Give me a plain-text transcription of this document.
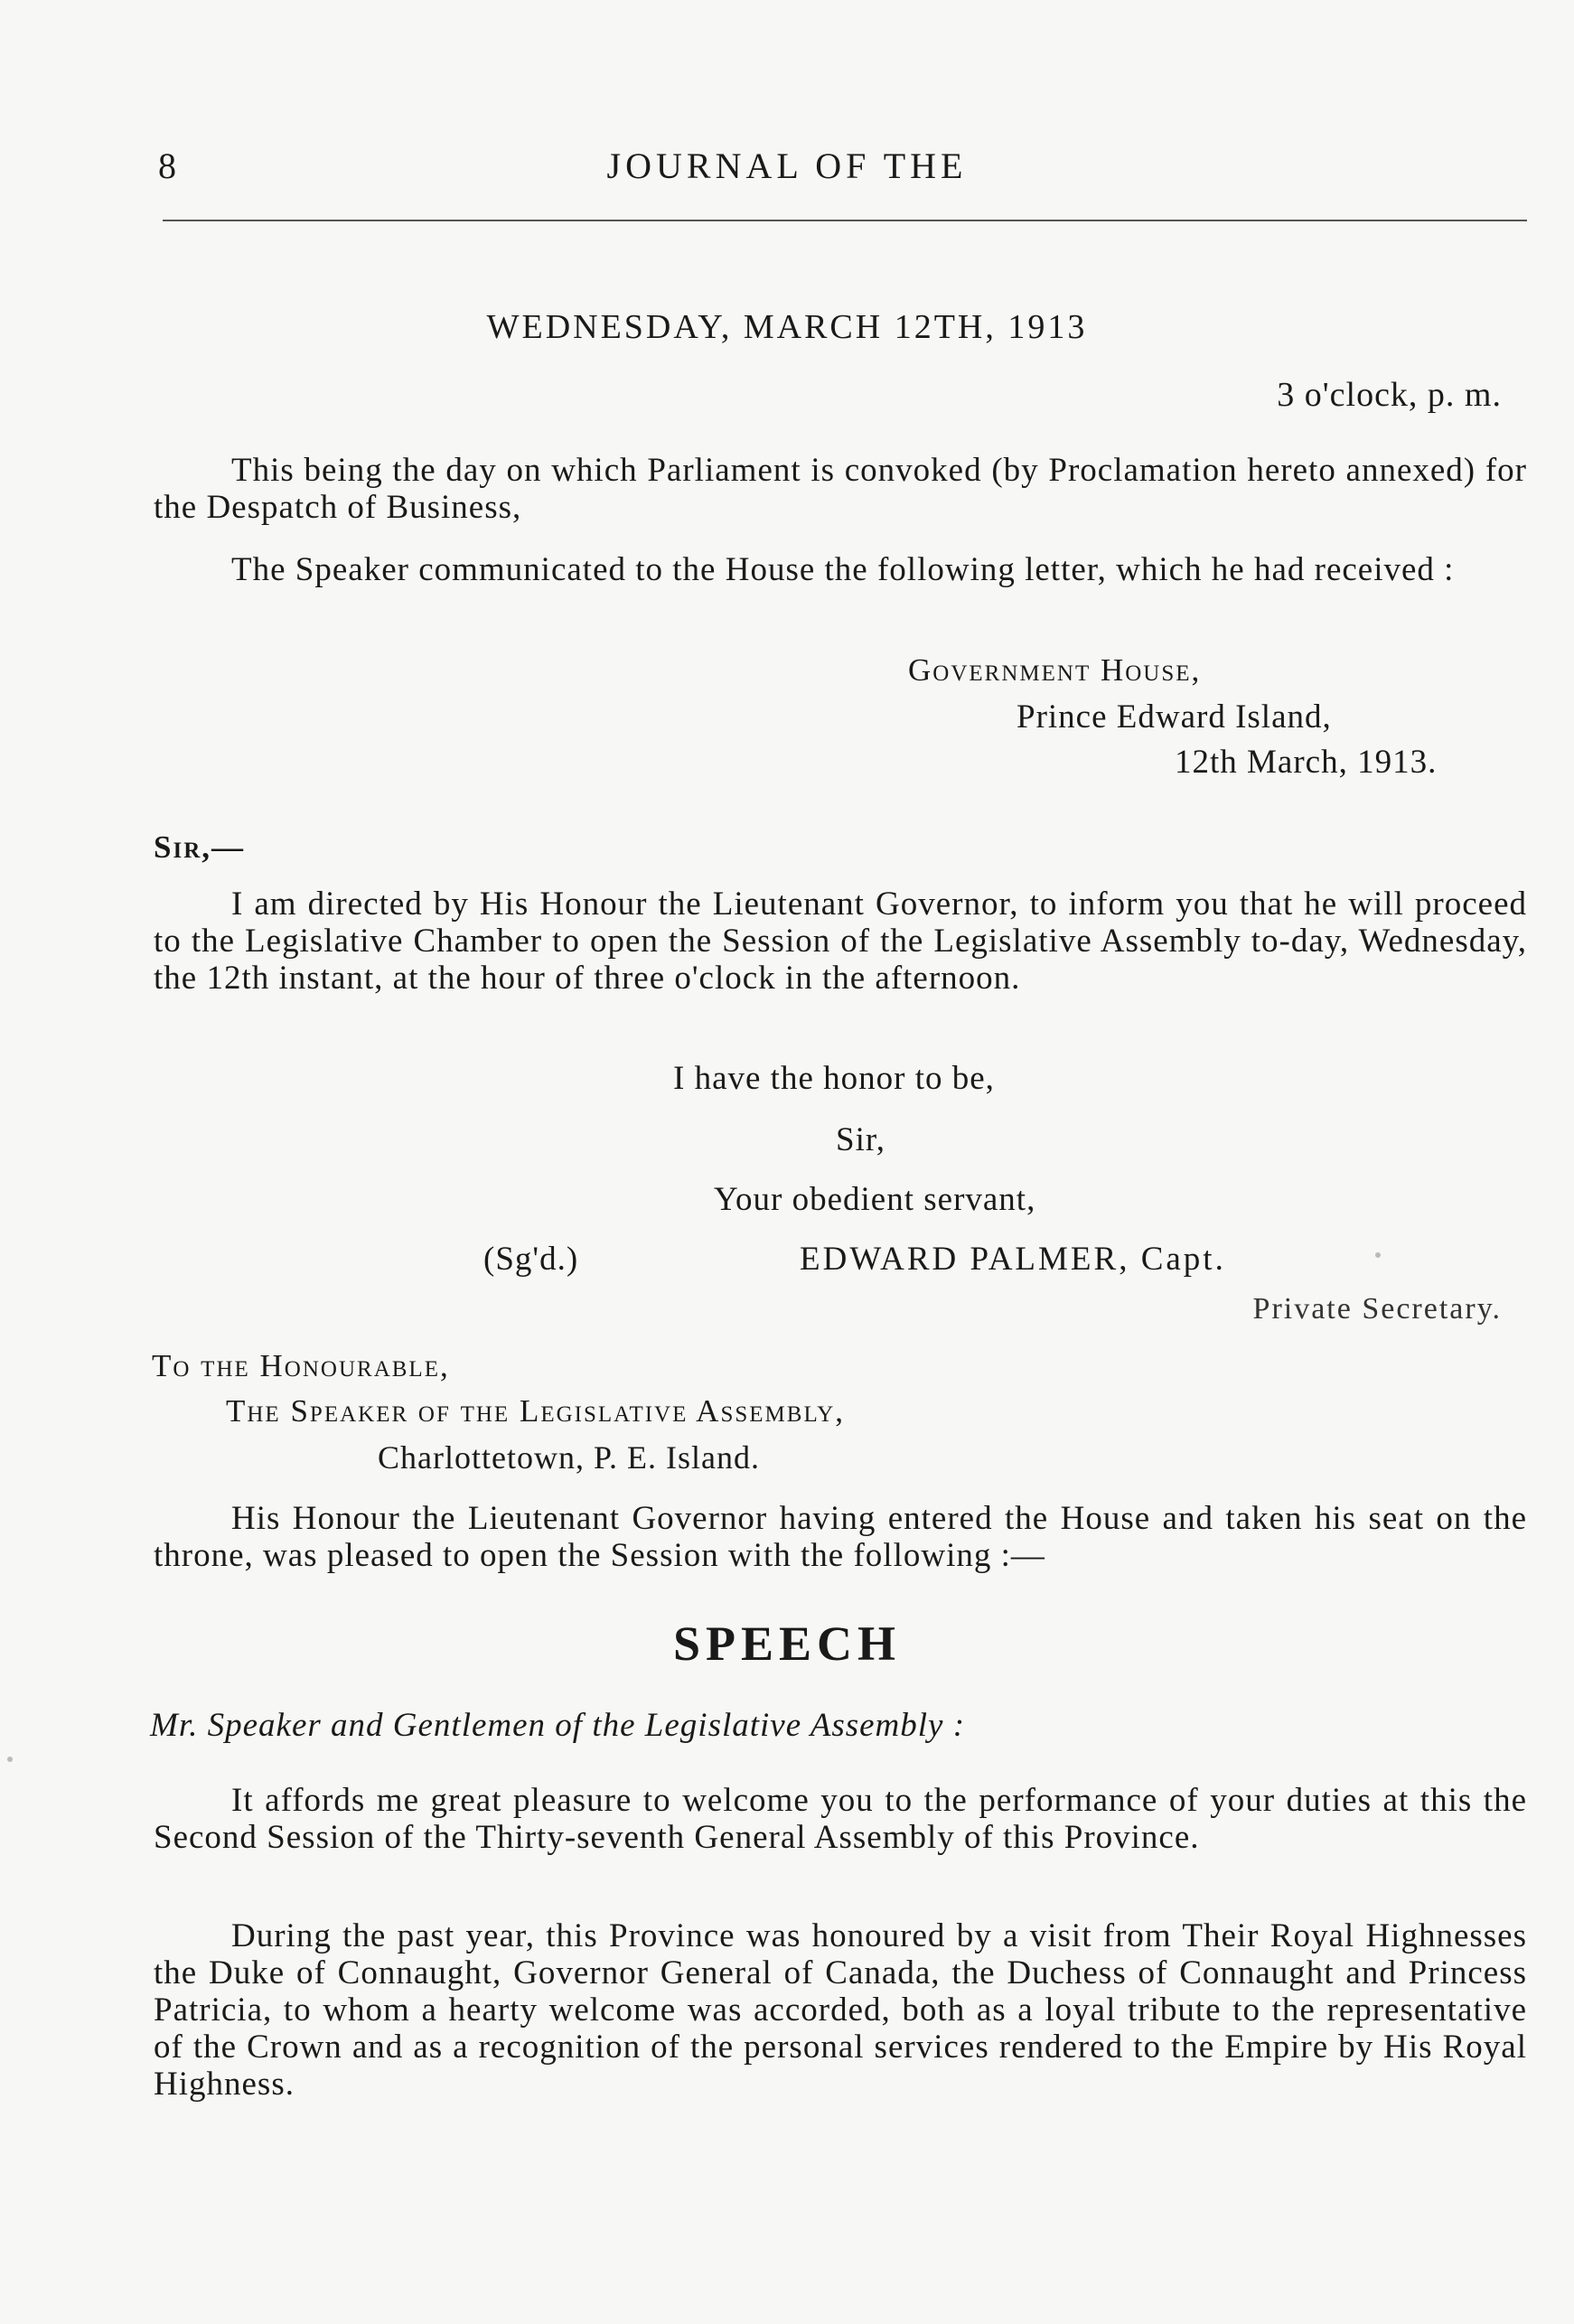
8	JOURNAL OF THE
WEDNESDAY, MARCH 12TH, 1913
3 o'clock, p. m.
This being the day on which Parliament is convoked (by Proclamation hereto annexed) for the Despatch of Business,
The Speaker communicated to the House the following letter, which he had received :
Government House,
Prince Edward Island,
12th March, 1913.
Sir,—
I am directed by His Honour the Lieutenant Governor, to inform you that he will proceed to the Legislative Chamber to open the Session of the Legislative Assembly to-day, Wednesday, the 12th instant, at the hour of three o'clock in the afternoon.
I have the honor to be,
Sir,
Your obedient servant,
(Sg'd.)	EDWARD PALMER, Capt.
Private Secretary.
To the Honourable,
The Speaker of the Legislative Assembly,
Charlottetown, P. E. Island.
His Honour the Lieutenant Governor having entered the House and taken his seat on the throne, was pleased to open the Session with the following :—
SPEECH
Mr. Speaker and Gentlemen of the Legislative Assembly :
It affords me great pleasure to welcome you to the performance of your duties at this the Second Session of the Thirty-seventh General Assembly of this Province.
During the past year, this Province was honoured by a visit from Their Royal Highnesses the Duke of Connaught, Governor General of Canada, the Duchess of Connaught and Princess Patricia, to whom a hearty welcome was accorded, both as a loyal tribute to the representative of the Crown and as a recognition of the personal services rendered to the Empire by His Royal Highness.
